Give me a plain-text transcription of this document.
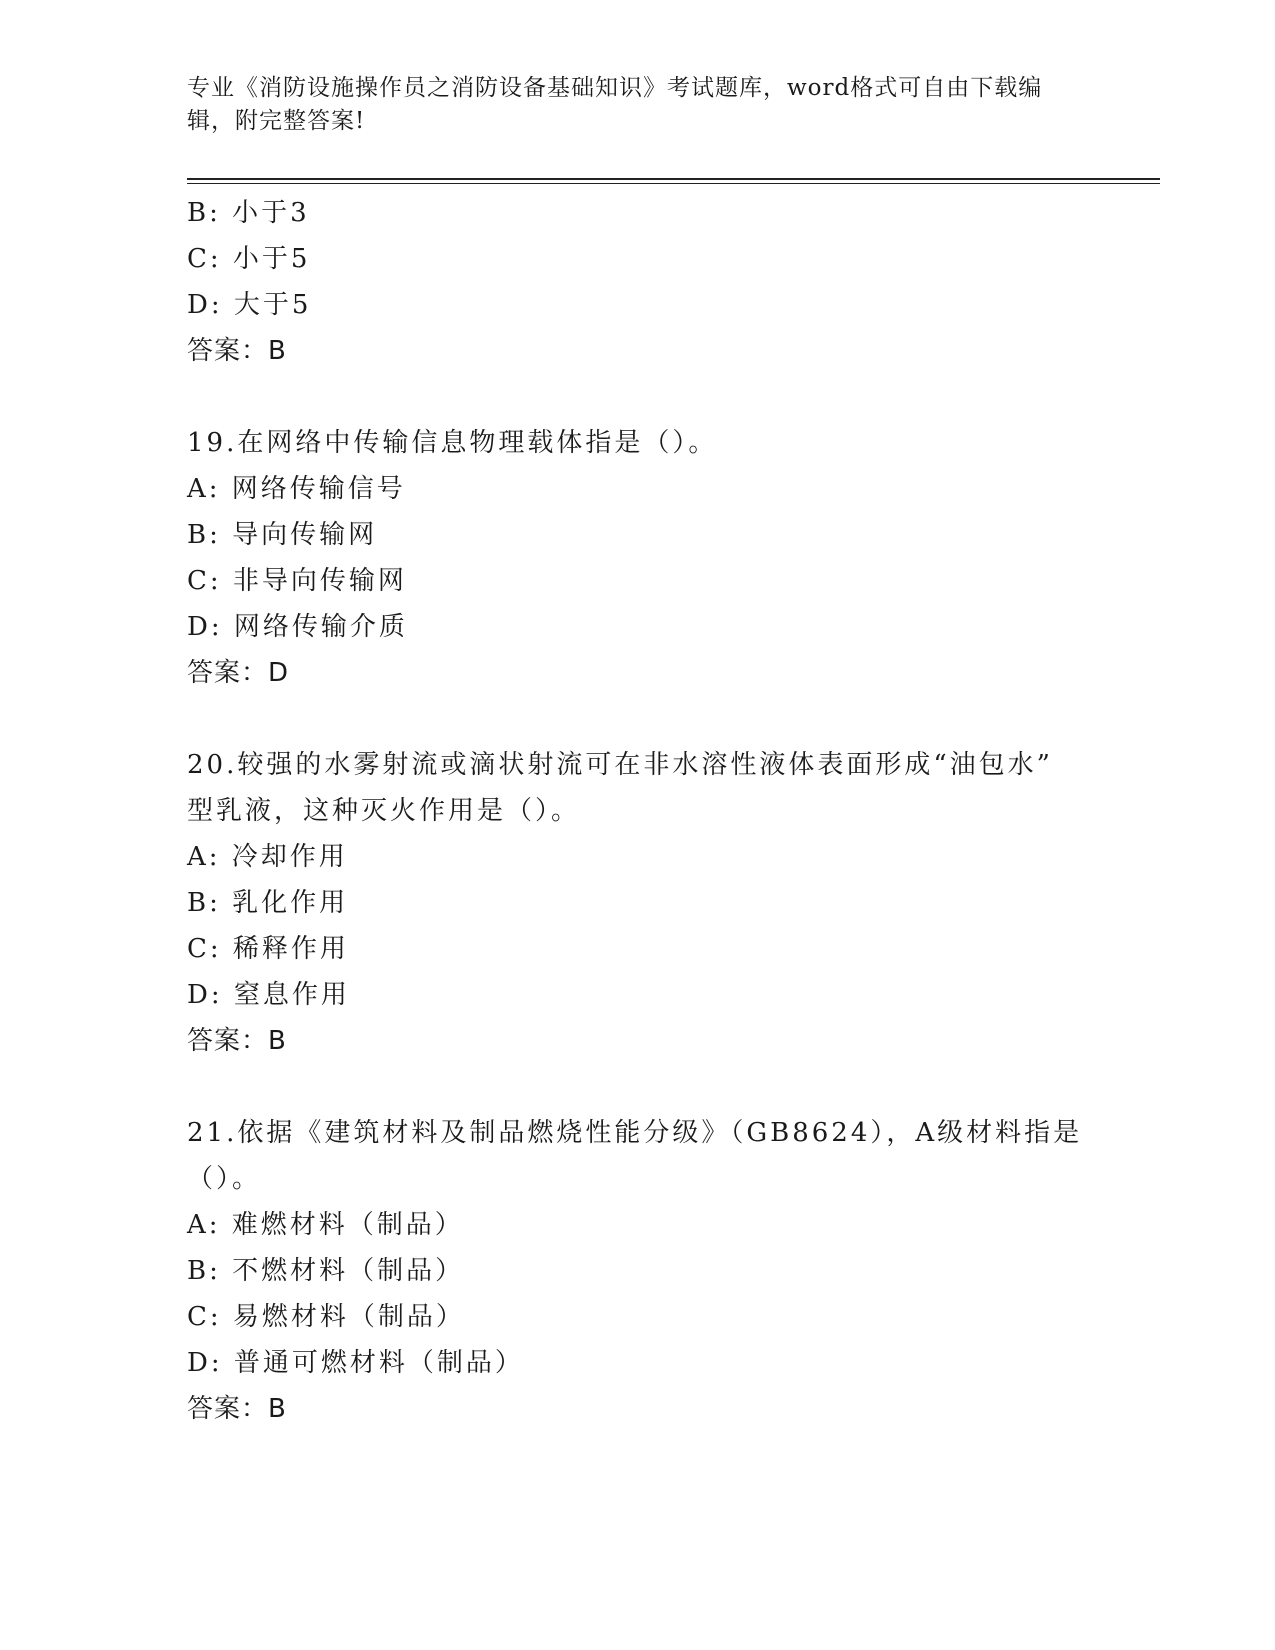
专业《消防设施操作员之消防设备基础知识》考试题库，word格式可自由下载编
辑，附完整答案!
B: 小于3
C: 小于5
D: 大于5
答案：B
19.在网络中传输信息物理载体指是（）。
A: 网络传输信号
B: 导向传输网
C: 非导向传输网
D: 网络传输介质
答案：D
20.较强的水雾射流或滴状射流可在非水溶性液体表面形成“油包水”
型乳液，这种灭火作用是（）。
A: 冷却作用
B: 乳化作用
C: 稀释作用
D: 窒息作用
答案：B
21.依据《建筑材料及制品燃烧性能分级》（GB8624），A级材料指是
（）。
A: 难燃材料（制品）
B: 不燃材料（制品）
C: 易燃材料（制品）
D: 普通可燃材料（制品）
答案：B
